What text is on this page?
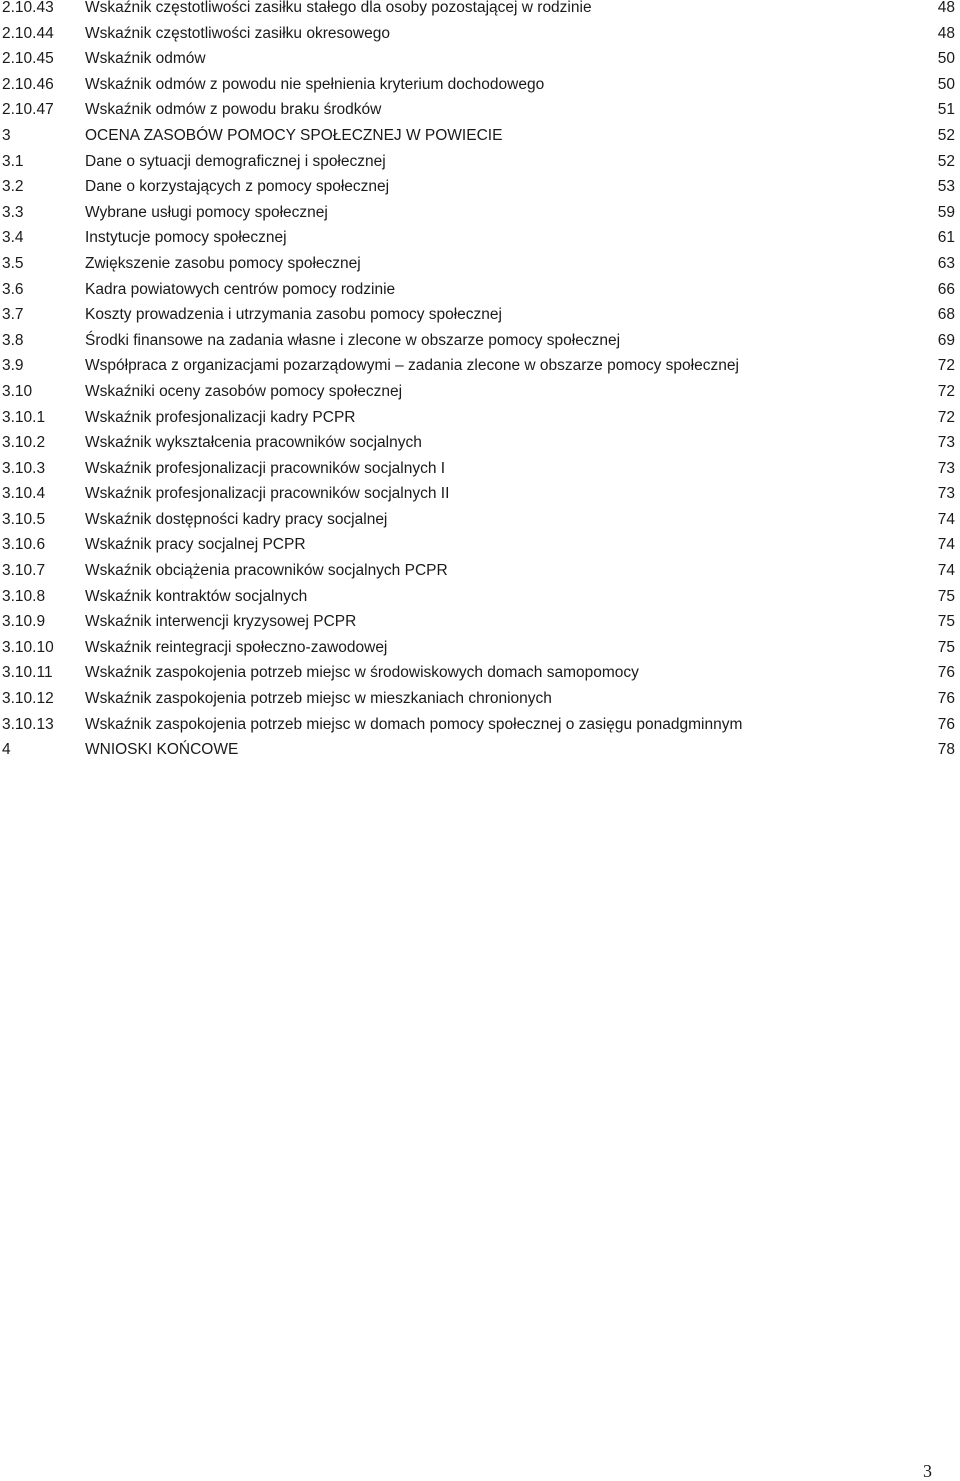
2.10.43 Wskaźnik częstotliwości zasiłku stałego dla osoby pozostającej w rodzinie	48
2.10.44 Wskaźnik częstotliwości zasiłku okresowego	48
2.10.45 Wskaźnik odmów	50
2.10.46 Wskaźnik odmów z powodu nie spełnienia kryterium dochodowego	50
2.10.47 Wskaźnik odmów z powodu braku środków	51
3	OCENA ZASOBÓW POMOCY SPOŁECZNEJ W POWIECIE	52
3.1	Dane o sytuacji demograficznej i społecznej	52
3.2	Dane o korzystających z pomocy społecznej	53
3.3	Wybrane usługi pomocy społecznej	59
3.4	Instytucje pomocy społecznej	61
3.5	Zwiększenie zasobu pomocy społecznej	63
3.6	Kadra powiatowych centrów pomocy rodzinie	66
3.7	Koszty prowadzenia i utrzymania zasobu pomocy społecznej	68
3.8	Środki finansowe na zadania własne i zlecone w obszarze pomocy społecznej	69
3.9	Współpraca z organizacjami pozarządowymi – zadania zlecone w obszarze pomocy społecznej	72
3.10	Wskaźniki oceny zasobów pomocy społecznej	72
3.10.1	Wskaźnik profesjonalizacji kadry PCPR	72
3.10.2	Wskaźnik wykształcenia pracowników socjalnych	73
3.10.3	Wskaźnik profesjonalizacji pracowników socjalnych I	73
3.10.4	Wskaźnik profesjonalizacji pracowników socjalnych II	73
3.10.5	Wskaźnik dostępności kadry pracy socjalnej	74
3.10.6	Wskaźnik pracy socjalnej PCPR	74
3.10.7	Wskaźnik obciążenia pracowników socjalnych PCPR	74
3.10.8	Wskaźnik kontraktów socjalnych	75
3.10.9	Wskaźnik interwencji kryzysowej PCPR	75
3.10.10 Wskaźnik reintegracji społeczno-zawodowej	75
3.10.11 Wskaźnik zaspokojenia potrzeb miejsc w środowiskowych domach samopomocy	76
3.10.12 Wskaźnik zaspokojenia potrzeb miejsc w mieszkaniach chronionych	76
3.10.13 Wskaźnik zaspokojenia potrzeb miejsc w domach pomocy społecznej o zasięgu ponadgminnym	76
4	WNIOSKI KOŃCOWE	78
3
